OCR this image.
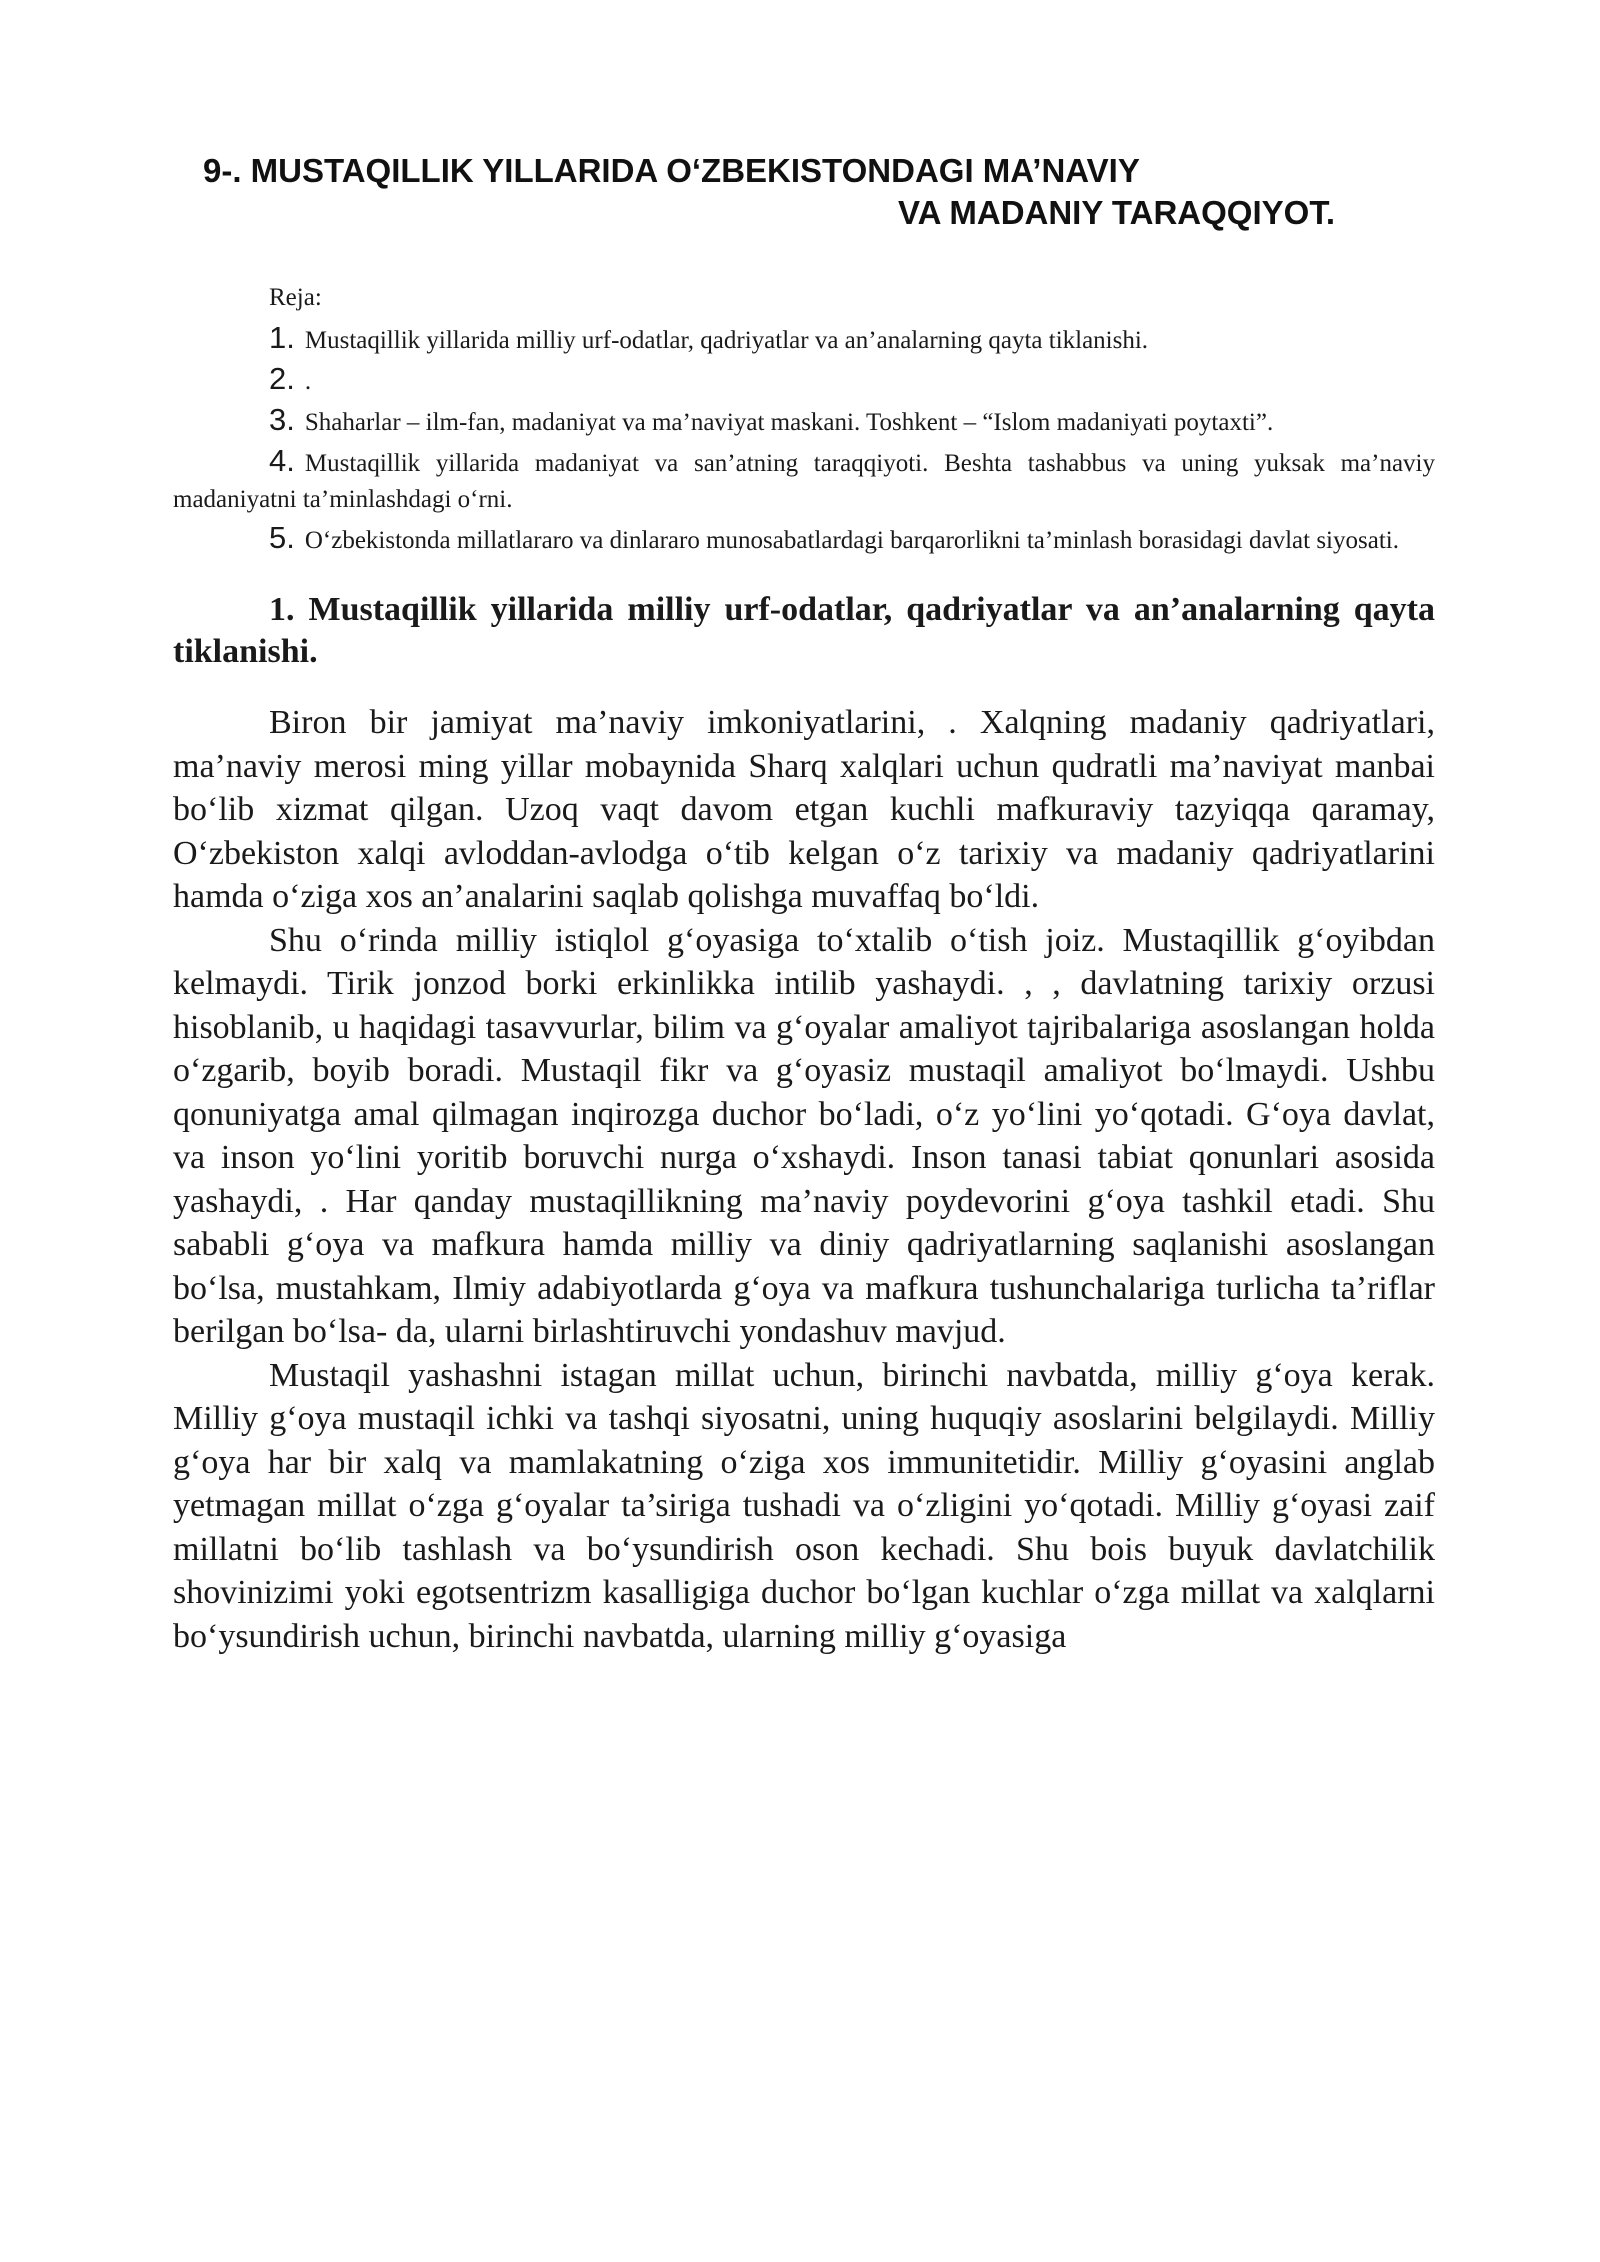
9-. MUSTAQILLIK YILLARIDA O‘ZBEKISTONDAGI MA’NAVIY
VA MADANIY TARAQQIYOT.
Reja:
1. Mustaqillik yillarida milliy urf-odatlar, qadriyatlar va an’analarning qayta tiklanishi.
2. .
3. Shaharlar – ilm-fan, madaniyat va ma’naviyat maskani. Toshkent – “Islom madaniyati poytaxti”.
4. Mustaqillik yillarida madaniyat va san’atning taraqqiyoti. Beshta tashabbus va uning yuksak ma’naviy madaniyatni ta’minlashdagi o‘rni.
5. O‘zbekistonda millatlararo va dinlararo munosabatlardagi barqarorlikni ta’minlash borasidagi davlat siyosati.
1. Mustaqillik yillarida milliy urf-odatlar, qadriyatlar va an’analarning qayta tiklanishi.

Biron bir jamiyat ma’naviy imkoniyatlarini, . Xalqning madaniy qadriyatlari, ma’naviy merosi ming yillar mobaynida Sharq xalqlari uchun qudratli ma’naviyat manbai bo‘lib xizmat qilgan. Uzoq vaqt davom etgan kuchli mafkuraviy tazyiqqa qaramay, O‘zbekiston xalqi avloddan-avlodga o‘tib kelgan o‘z tarixiy va madaniy qadriyatlarini hamda o‘ziga xos an’analarini saqlab qolishga muvaffaq bo‘ldi.

Shu o‘rinda milliy istiqlol g‘oyasiga to‘xtalib o‘tish joiz. Mustaqillik g‘oyibdan kelmaydi. Tirik jonzod borki erkinlikka intilib yashaydi. , , davlatning tarixiy orzusi hisoblanib, u haqidagi tasavvurlar, bilim va g‘oyalar amaliyot tajribalariga asoslangan holda o‘zgarib, boyib boradi. Mustaqil fikr va g‘oyasiz mustaqil amaliyot bo‘lmaydi. Ushbu qonuniyatga amal qilmagan inqirozga duchor bo‘ladi, o‘z yo‘lini yo‘qotadi. G‘oya davlat, va inson yo‘lini yoritib boruvchi nurga o‘xshaydi. Inson tanasi tabiat qonunlari asosida yashaydi, . Har qanday mustaqillikning ma’naviy poydevorini g‘oya tashkil etadi. Shu sababli g‘oya va mafkura hamda milliy va diniy qadriyatlarning saqlanishi asoslangan bo‘lsa, mustahkam, Ilmiy adabiyotlarda g‘oya va mafkura tushunchalariga turlicha ta’riflar berilgan bo‘lsa- da, ularni birlashtiruvchi yondashuv mavjud.

Mustaqil yashashni istagan millat uchun, birinchi navbatda, milliy g‘oya kerak. Milliy g‘oya mustaqil ichki va tashqi siyosatni, uning huquqiy asoslarini belgilaydi. Milliy g‘oya har bir xalq va mamlakatning o‘ziga xos immunitetidir. Milliy g‘oyasini anglab yetmagan millat o‘zga g‘oyalar ta’siriga tushadi va o‘zligini yo‘qotadi. Milliy g‘oyasi zaif millatni bo‘lib tashlash va bo‘ysundirish oson kechadi. Shu bois buyuk davlatchilik shovinizimi yoki egotsentrizm kasalligiga duchor bo‘lgan kuchlar o‘zga millat va xalqlarni bo‘ysundirish uchun, birinchi navbatda, ularning milliy g‘oyasiga
